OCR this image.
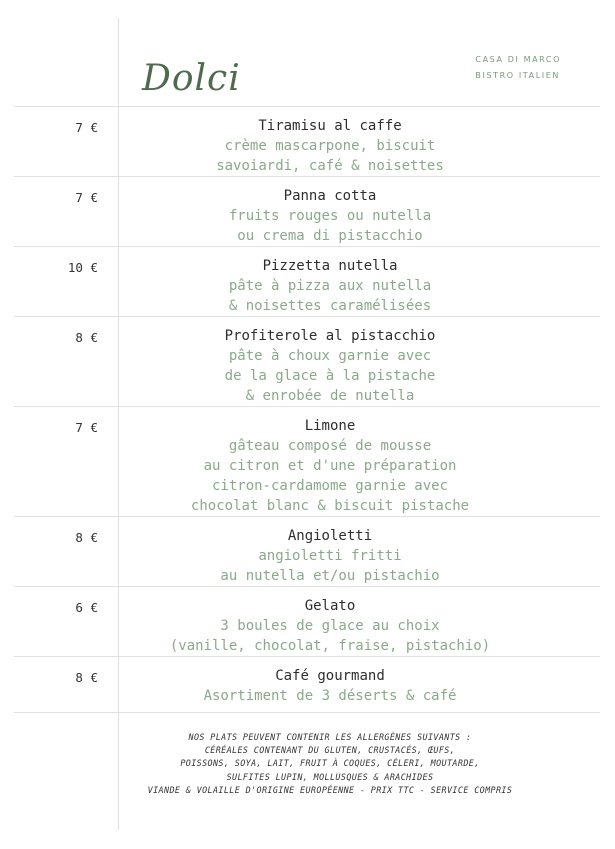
CASA DI MARCO
BISTRO ITALIEN
Dolci
7 €	Tiramisu al caffe
crème mascarpone, biscuit
savoiardi, café & noisettes
7 €	Panna cotta
fruits rouges ou nutella
ou crema di pistacchio
10 €	Pizzetta nutella
pâte à pizza aux nutella
& noisettes caramélisées
8 €	Profiterole al pistacchio
pâte à choux garnie avec
de la glace à la pistache
& enrobée de nutella
7 €	Limone
gâteau composé de mousse
au citron et d'une préparation
citron-cardamome garnie avec
chocolat blanc & biscuit pistache
8 €	Angioletti
angioletti fritti
au nutella et/ou pistachio
6 €	Gelato
3 boules de glace au choix
(vanille, chocolat, fraise, pistachio)
8 €	Café gourmand
Asortiment de 3 déserts & café
NOS PLATS PEUVENT CONTENIR LES ALLERGÈNES SUIVANTS :
CÉRÉALES CONTENANT DU GLUTEN, CRUSTACÉS, ŒUFS,
POISSONS, SOYA, LAIT, FRUIT À COQUES, CÉLERI, MOUTARDE,
SULFITES LUPIN, MOLLUSQUES & ARACHIDES
VIANDE & VOLAILLE D'ORIGINE EUROPÉENNE - PRIX TTC - SERVICE COMPRIS
